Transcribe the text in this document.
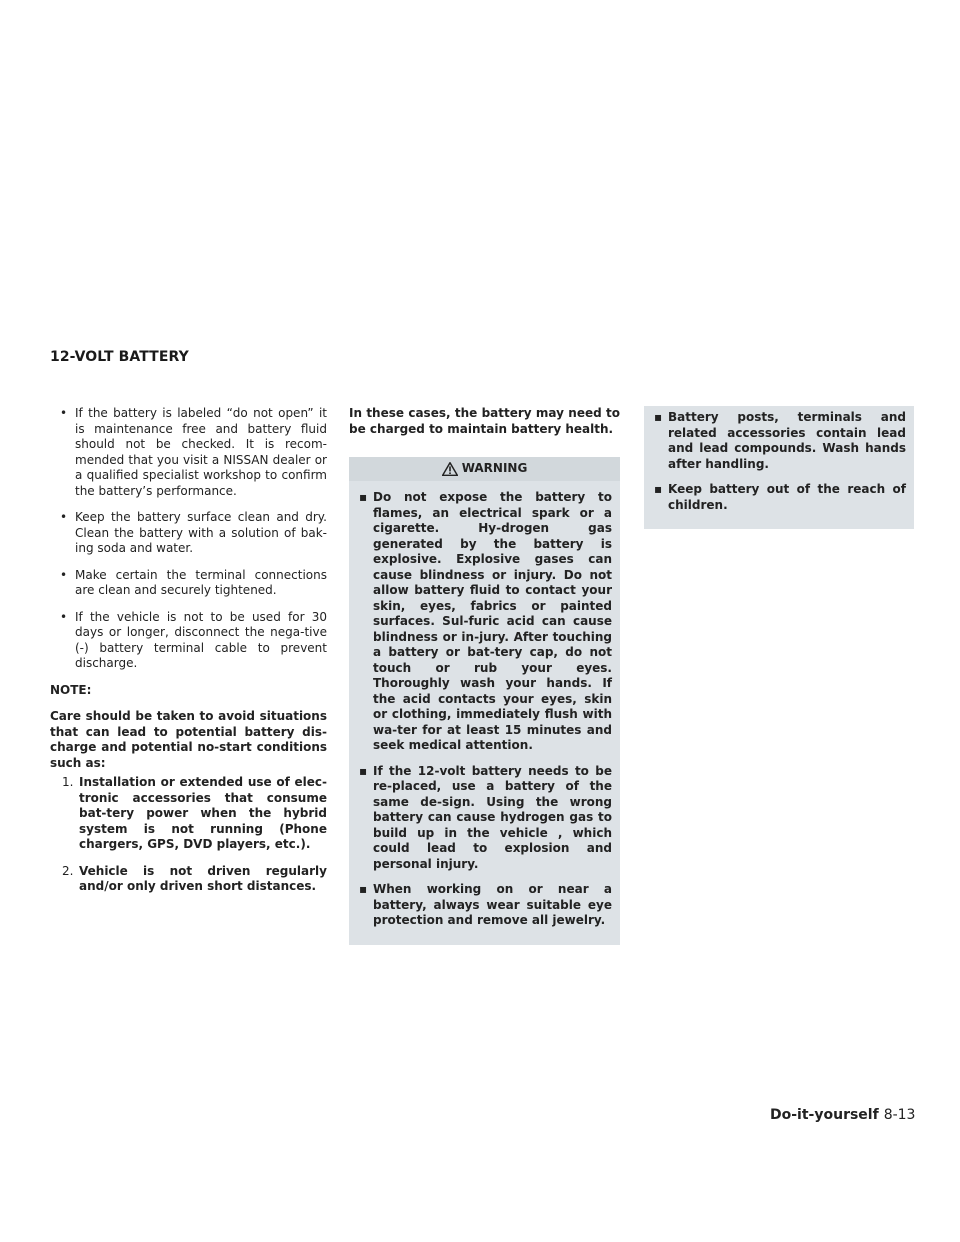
12-VOLT BATTERY
• If the battery is labeled “do not open” it is maintenance free and battery fluid should not be checked. It is recom-mended that you visit a NISSAN dealer or a qualified specialist workshop to confirm the battery’s performance.
• Keep the battery surface clean and dry. Clean the battery with a solution of bak-ing soda and water.
• Make certain the terminal connections are clean and securely tightened.
• If the vehicle is not to be used for 30 days or longer, disconnect the nega-tive (-) battery terminal cable to prevent discharge.

NOTE:

Care should be taken to avoid situations that can lead to potential battery dis-charge and potential no-start conditions such as:

1. Installation or extended use of elec-tronic accessories that consume bat-tery power when the hybrid system is not running (Phone chargers, GPS, DVD players, etc.).
2. Vehicle is not driven regularly and/or only driven short distances.

In these cases, the battery may need to be charged to maintain battery health.

WARNING
▪ Do not expose the battery to flames, an electrical spark or a cigarette. Hy-drogen gas generated by the battery is explosive. Explosive gases can cause blindness or injury. Do not allow battery fluid to contact your skin, eyes, fabrics or painted surfaces. Sul-furic acid can cause blindness or in-jury. After touching a battery or bat-tery cap, do not touch or rub your eyes. Thoroughly wash your hands. If the acid contacts your eyes, skin or clothing, immediately flush with wa-ter for at least 15 minutes and seek medical attention.
▪ If the 12-volt battery needs to be re-placed, use a battery of the same de-sign. Using the wrong battery can cause hydrogen gas to build up in the vehicle , which could lead to explosion and personal injury.
▪ When working on or near a battery, always wear suitable eye protection and remove all jewelry.
▪ Battery posts, terminals and related accessories contain lead and lead compounds. Wash hands after handling.
▪ Keep battery out of the reach of children.
Do-it-yourself 8-13
